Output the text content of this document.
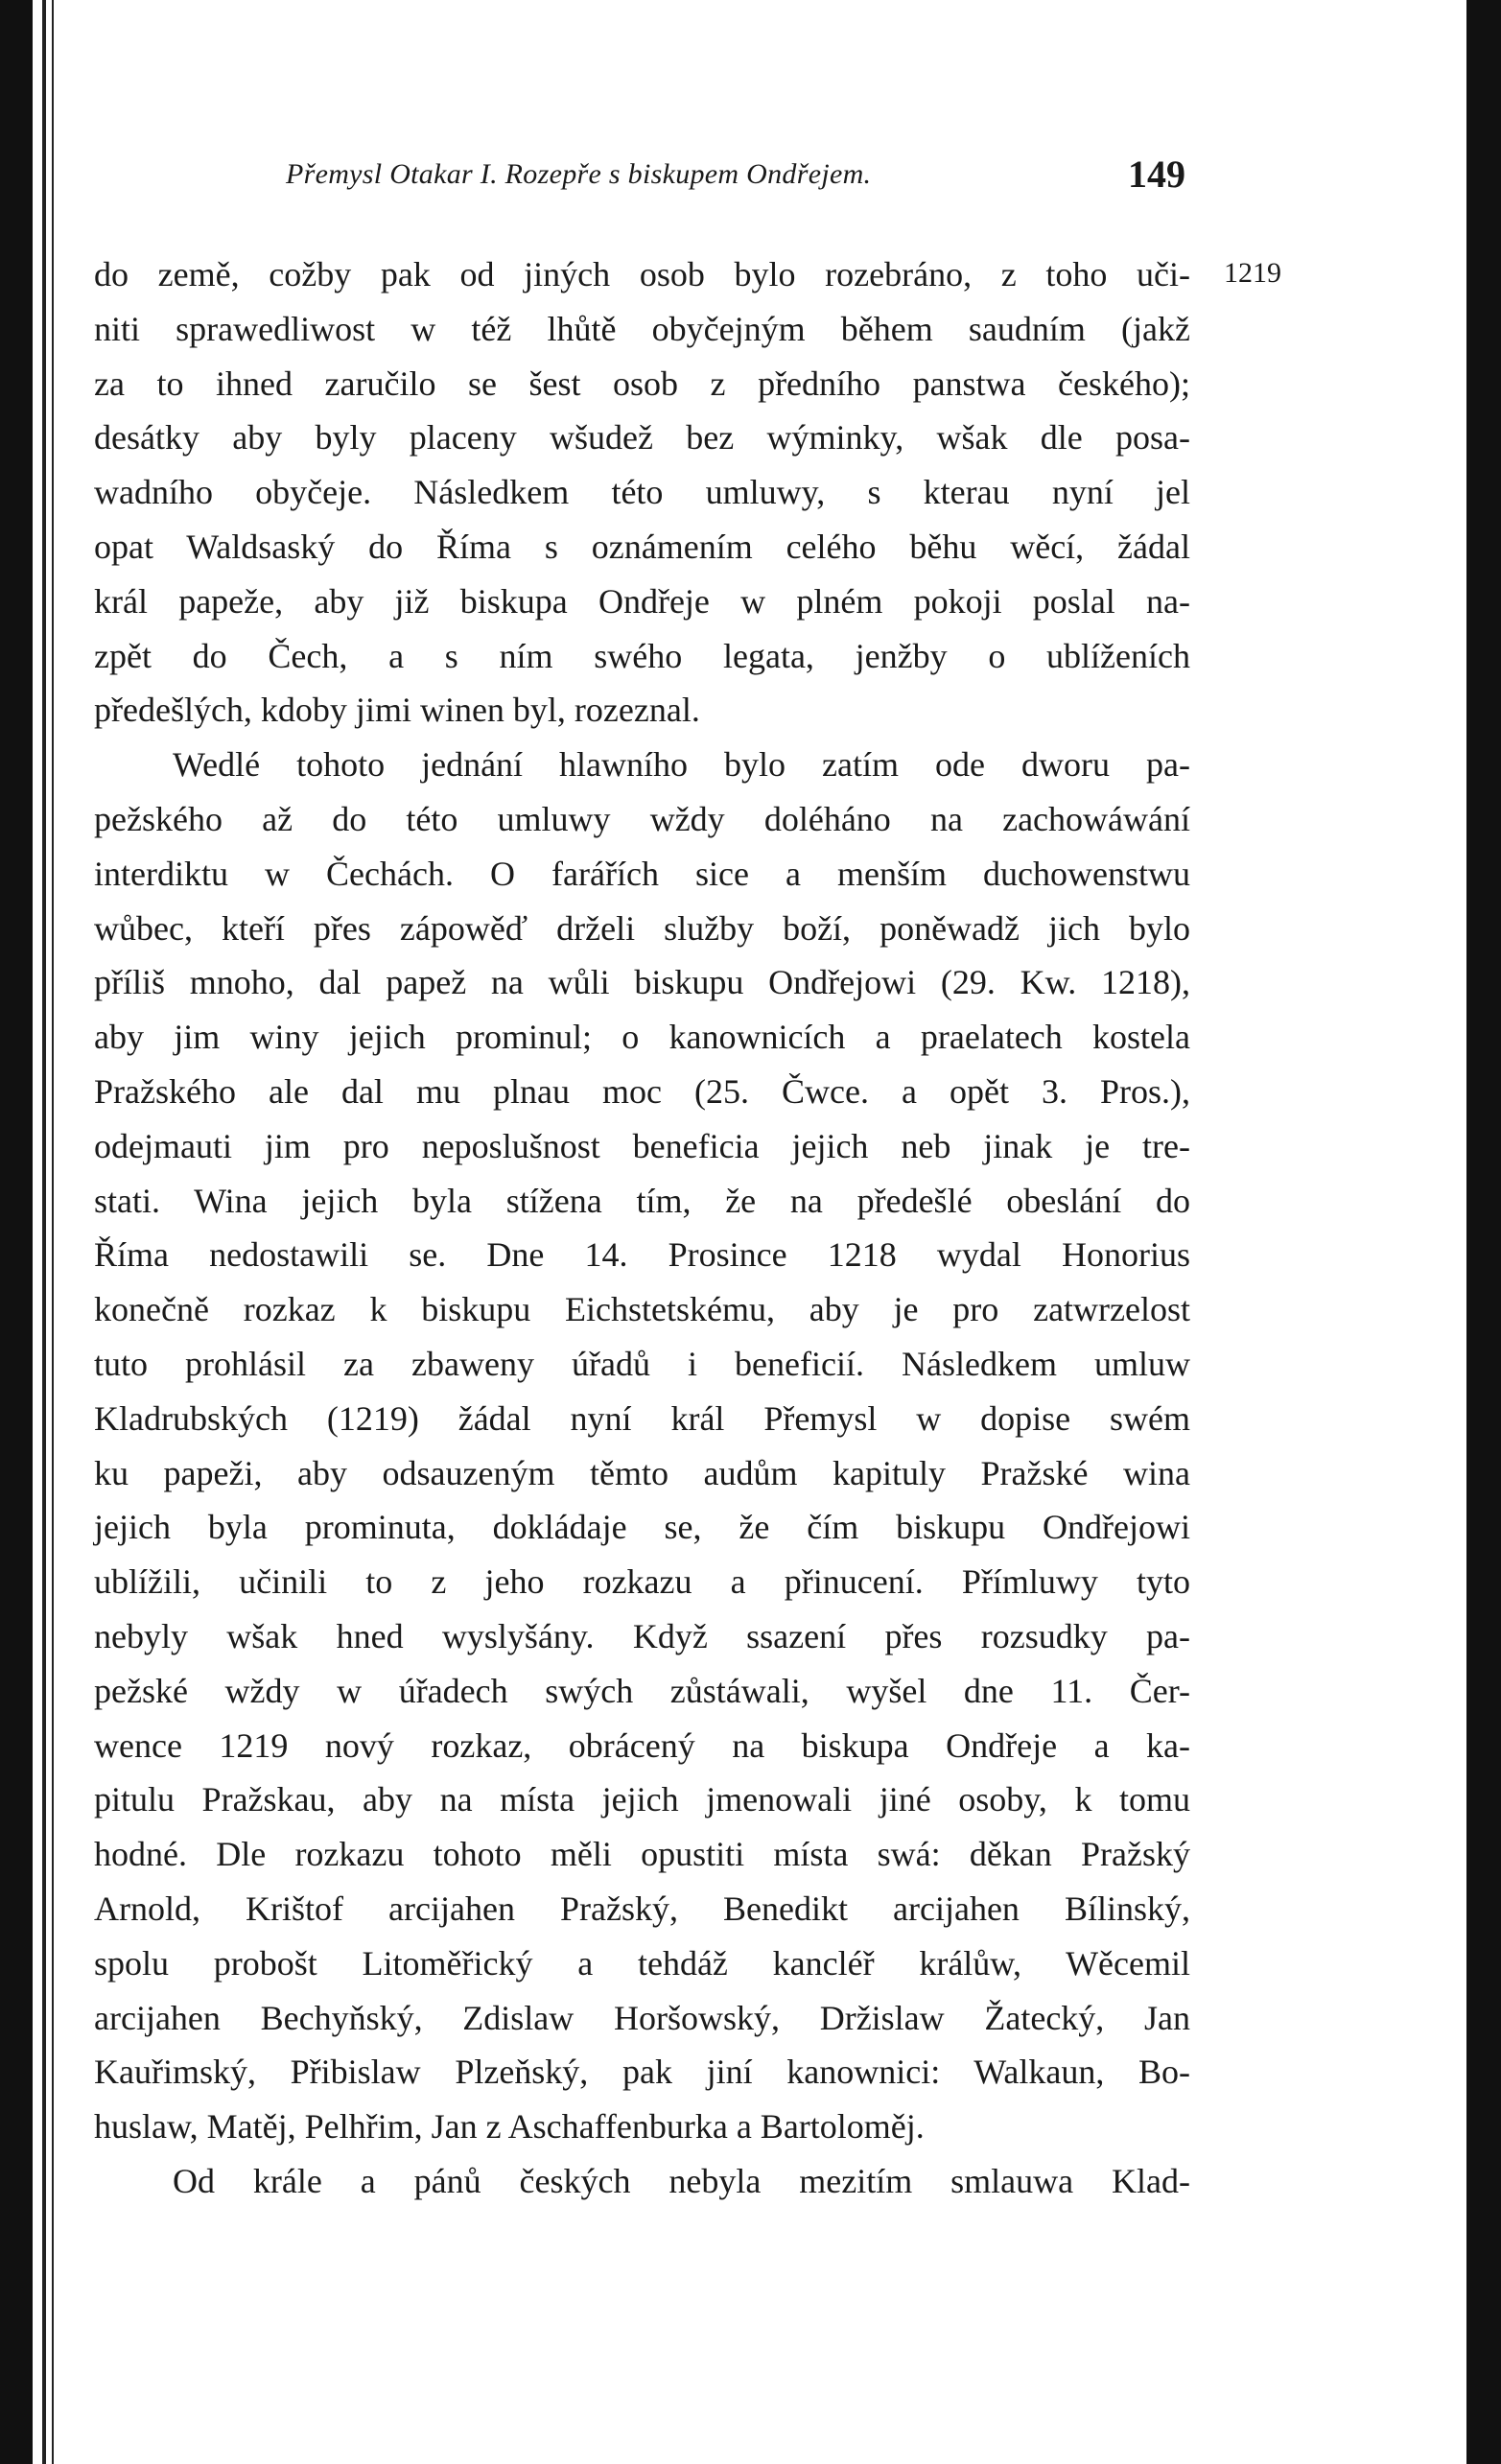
Přemysl Otakar I. Rozepře s biskupem Ondřejem.	149
1219
do země, cožby pak od jiných osob bylo rozebráno, z toho uči-
niti sprawedliwost w též lhůtě obyčejným během saudním (jakž
za to ihned zaručilo se šest osob z předního panstwa českého);
desátky aby byly placeny wšudež bez wýminky, wšak dle posa-
wadního obyčeje. Následkem této umluwy, s kterau nyní jel
opat Waldsaský do Říma s oznámením celého běhu wěcí, žádal
král papeže, aby již biskupa Ondřeje w plném pokoji poslal na-
zpět do Čech, a s ním swého legata, jenžby o ublíženích
předešlých, kdoby jimi winen byl, rozeznal.
Wedlé tohoto jednání hlawního bylo zatím ode dworu pa-
pežského až do této umluwy wždy doléháno na zachowáwání
interdiktu w Čechách. O farářích sice a menším duchowenstwu
wůbec, kteří přes zápowěď drželi služby boží, poněwadž jich bylo
příliš mnoho, dal papež na wůli biskupu Ondřejowi (29. Kw. 1218),
aby jim winy jejich prominul; o kanownicích a praelatech kostela
Pražského ale dal mu plnau moc (25. Čwce. a opět 3. Pros.),
odejmauti jim pro neposlušnost beneficia jejich neb jinak je tre-
stati. Wina jejich byla stížena tím, že na předešlé obeslání do
Říma nedostawili se. Dne 14. Prosince 1218 wydal Honorius
konečně rozkaz k biskupu Eichstetskému, aby je pro zatwrzelost
tuto prohlásil za zbaweny úřadů i beneficií. Následkem umluw
Kladrubských (1219) žádal nyní král Přemysl w dopise swém
ku papeži, aby odsauzeným těmto audům kapituly Pražské wina
jejich byla prominuta, dokládaje se, že čím biskupu Ondřejowi
ublížili, učinili to z jeho rozkazu a přinucení. Přímluwy tyto
nebyly wšak hned wyslyšány. Když ssazení přes rozsudky pa-
pežské wždy w úřadech swých zůstáwali, wyšel dne 11. Čer-
wence 1219 nový rozkaz, obrácený na biskupa Ondřeje a ka-
pitulu Pražskau, aby na místa jejich jmenowali jiné osoby, k tomu
hodné. Dle rozkazu tohoto měli opustiti místa swá: děkan Pražský
Arnold, Krištof arcijahen Pražský, Benedikt arcijahen Bílinský,
spolu probošt Litoměřický a tehdáž kancléř králůw, Wěcemil
arcijahen Bechyňský, Zdislaw Horšowský, Držislaw Žatecký, Jan
Kauřimský, Přibislaw Plzeňský, pak jiní kanownici: Walkaun, Bo-
huslaw, Matěj, Pelhřim, Jan z Aschaffenburka a Bartoloměj.
Od krále a pánů českých nebyla mezitím smlauwa Klad-
